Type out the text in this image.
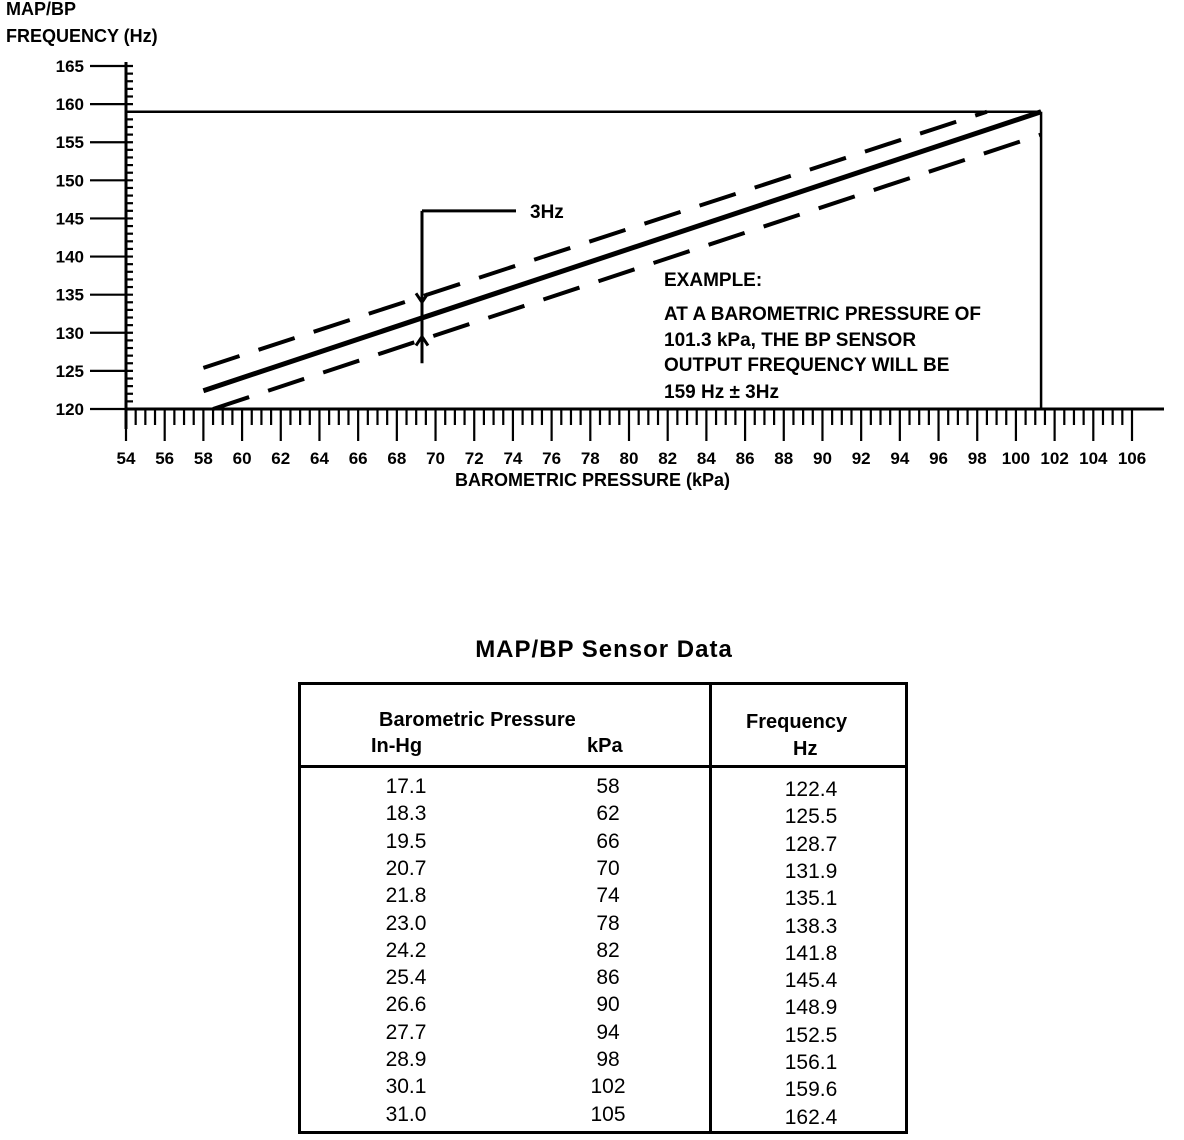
MAP/BP
FREQUENCY (Hz)
3Hz
54 56 58 60 62 64 66 68 70 72 74 76 78 80 82 84 86 88 90 92 94 96 98 100 102 104 106
120
125
130
135
140
145
150
155
160
165
BAROMETRIC PRESSURE (kPa)
EXAMPLE:
AT A BAROMETRIC PRESSURE OF
101.3 kPa, THE BP SENSOR
OUTPUT FREQUENCY WILL BE
159 Hz ± 3Hz
MAP/BP Sensor Data
Barometric Pressure
In-Hg	kPa
Frequency
Hz
17.1	58	122.4
18.3	62	125.5
19.5	66	128.7
20.7	70	131.9
21.8	74	135.1
23.0	78	138.3
24.2	82	141.8
25.4	86	145.4
26.6	90	148.9
27.7	94	152.5
28.9	98	156.1
30.1	102	159.6
31.0	105	162.4
